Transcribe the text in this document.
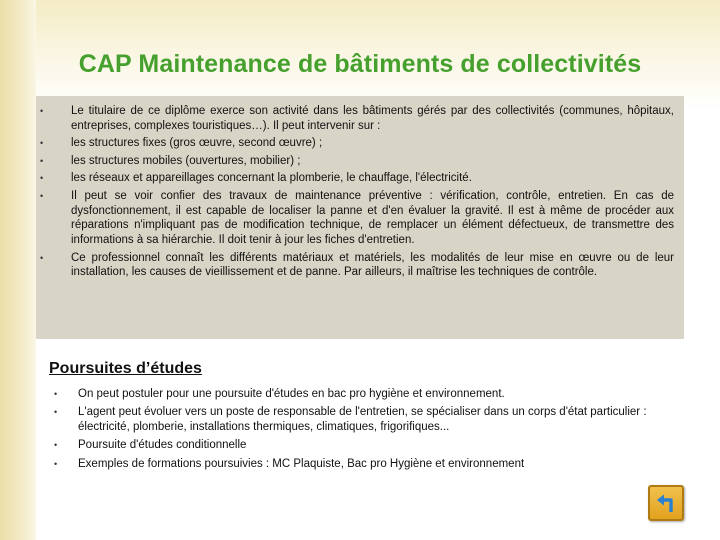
CAP Maintenance de bâtiments de collectivités
• Le titulaire de ce diplôme exerce son activité dans les bâtiments gérés par des collectivités (communes, hôpitaux, entreprises, complexes touristiques…). Il peut intervenir sur :
• les structures fixes (gros œuvre, second œuvre) ;
• les structures mobiles (ouvertures, mobilier) ;
• les réseaux et appareillages concernant la plomberie, le chauffage, l'électricité.
• Il peut se voir confier des travaux de maintenance préventive : vérification, contrôle, entretien. En cas de dysfonctionnement, il est capable de localiser la panne et d'en évaluer la gravité. Il est à même de procéder aux réparations n'impliquant pas de modification technique, de remplacer un élément défectueux, de transmettre des informations à sa hiérarchie. Il doit tenir à jour les fiches d'entretien.
• Ce professionnel connaît les différents matériaux et matériels, les modalités de leur mise en œuvre ou de leur installation, les causes de vieillissement et de panne. Par ailleurs, il maîtrise les techniques de contrôle.
Poursuites d’études
• On peut postuler pour une poursuite d'études en bac pro hygiène et environnement.
• L'agent peut évoluer vers un poste de responsable de l'entretien, se spécialiser dans un corps d'état particulier : électricité, plomberie, installations thermiques, climatiques, frigorifiques...
• Poursuite d'études conditionnelle
• Exemples de formations poursuivies : MC Plaquiste, Bac pro Hygiène et environnement
